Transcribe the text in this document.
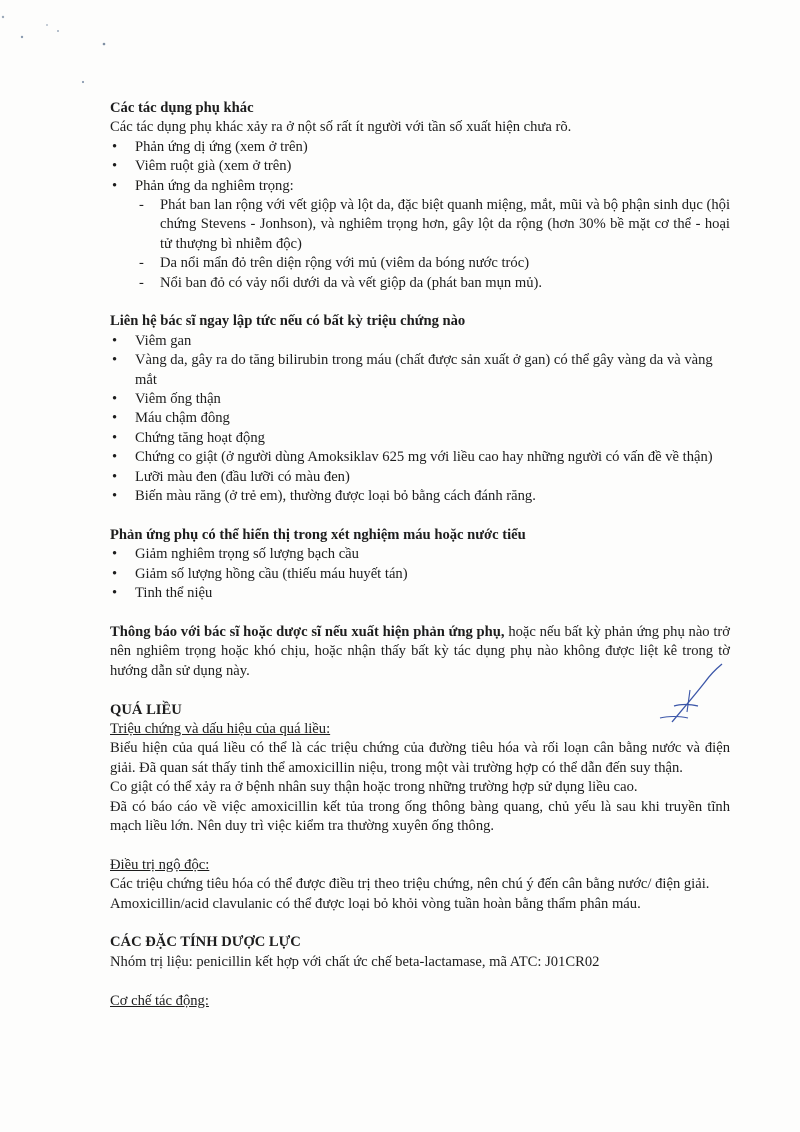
Các tác dụng phụ khác

Các tác dụng phụ khác xảy ra ở nột số rất ít người với tần số xuất hiện chưa rõ.

• Phản ứng dị ứng (xem ở trên)
• Viêm ruột già (xem ở trên)
• Phản ứng da nghiêm trọng:
- Phát ban lan rộng với vết giộp và lột da, đặc biệt quanh miệng, mắt, mũi và bộ phận sinh dục (hội chứng Stevens - Jonhson), và nghiêm trọng hơn, gây lột da rộng (hơn 30% bề mặt cơ thể - hoại tử thượng bì nhiễm độc)
- Da nổi mẩn đỏ trên diện rộng với mủ (viêm da bóng nước tróc)
- Nổi ban đỏ có vảy nổi dưới da và vết giộp da (phát ban mụn mủ).

Liên hệ bác sĩ ngay lập tức nếu có bất kỳ triệu chứng nào

• Viêm gan
• Vàng da, gây ra do tăng bilirubin trong máu (chất được sản xuất ở gan) có thể gây vàng da và vàng mắt
• Viêm ống thận
• Máu chậm đông
• Chứng tăng hoạt động
• Chứng co giật (ở người dùng Amoksiklav 625 mg với liều cao hay những người có vấn đề về thận)
• Lưỡi màu đen (đầu lưỡi có màu đen)
• Biến màu răng (ở trẻ em), thường được loại bỏ bằng cách đánh răng.

Phản ứng phụ có thể hiển thị trong xét nghiệm máu hoặc nước tiểu

• Giảm nghiêm trọng số lượng bạch cầu
• Giảm số lượng hồng cầu (thiếu máu huyết tán)
• Tinh thể niệu

Thông báo với bác sĩ hoặc dược sĩ nếu xuất hiện phản ứng phụ, hoặc nếu bất kỳ phản ứng phụ nào trở nên nghiêm trọng hoặc khó chịu, hoặc nhận thấy bất kỳ tác dụng phụ nào không được liệt kê trong tờ hướng dẫn sử dụng này.

QUÁ LIỀU

Triệu chứng và dấu hiệu của quá liều:

Biểu hiện của quá liều có thể là các triệu chứng của đường tiêu hóa và rối loạn cân bằng nước và điện giải. Đã quan sát thấy tinh thể amoxicillin niệu, trong một vài trường hợp có thể dẫn đến suy thận.

Co giật có thể xảy ra ở bệnh nhân suy thận hoặc trong những trường hợp sử dụng liều cao.

Đã có báo cáo về việc amoxicillin kết tủa trong ống thông bàng quang, chủ yếu là sau khi truyền tĩnh mạch liều lớn. Nên duy trì việc kiểm tra thường xuyên ống thông.

Điều trị ngộ độc:

Các triệu chứng tiêu hóa có thể được điều trị theo triệu chứng, nên chú ý đến cân bằng nước/ điện giải.

Amoxicillin/acid clavulanic có thể được loại bỏ khỏi vòng tuần hoàn bằng thẩm phân máu.

CÁC ĐẶC TÍNH DƯỢC LỰC

Nhóm trị liệu: penicillin kết hợp với chất ức chế beta-lactamase, mã ATC: J01CR02

Cơ chế tác động:
